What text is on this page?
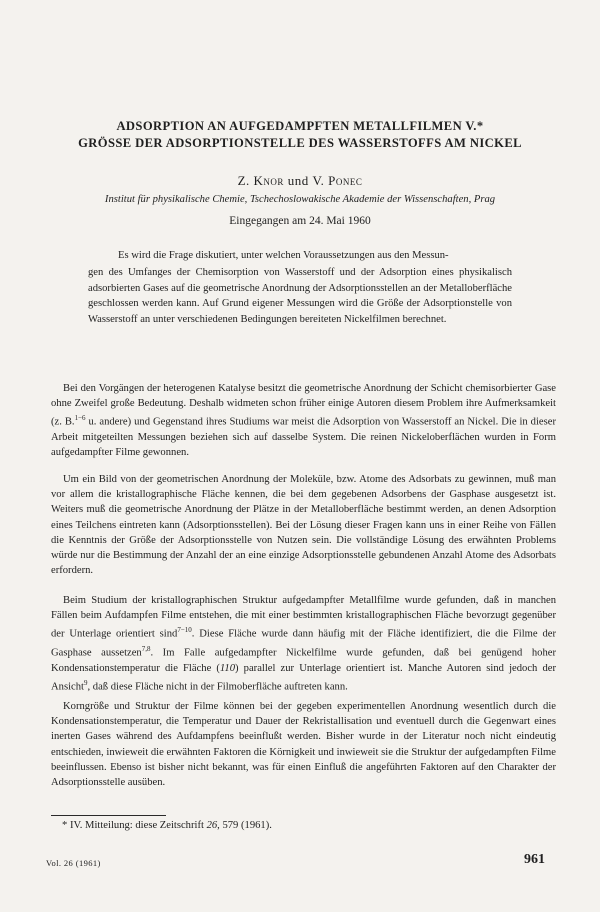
ADSORPTION AN AUFGEDAMPFTEN METALLFILMEN V.*
GRÖSSE DER ADSORPTIONSTELLE DES WASSERSTOFFS AM NICKEL
Z. Knor und V. Ponec
Institut für physikalische Chemie, Tschechoslowakische Akademie der Wissenschaften, Prag
Eingegangen am 24. Mai 1960
Es wird die Frage diskutiert, unter welchen Voraussetzungen aus den Messun-
gen des Umfanges der Chemisorption von Wasserstoff und der Adsorption eines physikalisch adsorbierten Gases auf die geometrische Anordnung der Adsorptionsstellen an der Metalloberfläche geschlossen werden kann. Auf Grund eigener Messungen wird die Größe der Adsorptionstelle von Wasserstoff an unter verschiedenen Bedingungen bereiteten Nickelfilmen berechnet.
Bei den Vorgängen der heterogenen Katalyse besitzt die geometrische Anordnung der Schicht chemisorbierter Gase ohne Zweifel große Bedeutung. Deshalb widmeten schon früher einige Autoren diesem Problem ihre Aufmerksamkeit (z. B.$^{1-6}$ u. andere) und Gegenstand ihres Studiums war meist die Adsorption von Wasserstoff an Nickel. Die in dieser Arbeit mitgeteilten Messungen beziehen sich auf dasselbe System. Die reinen Nickeloberflächen wurden in Form aufgedampfter Filme gewonnen.
Um ein Bild von der geometrischen Anordnung der Moleküle, bzw. Atome des Adsorbats zu gewinnen, muß man vor allem die kristallographische Fläche kennen, die bei dem gegebenen Adsorbens der Gasphase ausgesetzt ist. Weiters muß die geometrische Anordnung der Plätze in der Metalloberfläche bestimmt werden, an denen Adsorption eines Teilchens eintreten kann (Adsorptionsstellen). Bei der Lösung dieser Fragen kann uns in einer Reihe von Fällen die Kenntnis der Größe der Adsorptionsstelle von Nutzen sein. Die vollständige Lösung des erwähnten Problems würde nur die Bestimmung der Anzahl der an eine einzige Adsorptionsstelle gebundenen Anzahl Atome des Adsorbats erfordern.
Beim Studium der kristallographischen Struktur aufgedampfter Metallfilme wurde gefunden, daß in manchen Fällen beim Aufdampfen Filme entstehen, die mit einer bestimmten kristallographischen Fläche bevorzugt gegenüber der Unterlage orientiert sind$^{7-10}$. Diese Fläche wurde dann häufig mit der Fläche identifiziert, die die Filme der Gasphase aussetzen$^{7,8}$. Im Falle aufgedampfter Nickelfilme wurde gefunden, daß bei genügend hoher Kondensationstemperatur die Fläche (110) parallel zur Unterlage orientiert ist. Manche Autoren sind jedoch der Ansicht$^9$, daß diese Fläche nicht in der Filmoberfläche auftreten kann.
Korngröße und Struktur der Filme können bei der gegeben experimentellen Anordnung wesentlich durch die Kondensationstemperatur, die Temperatur und Dauer der Rekristallisation und eventuell durch die Gegenwart eines inerten Gases während des Aufdampfens beeinflußt werden. Bisher wurde in der Literatur noch nicht eindeutig entschieden, inwieweit die erwähnten Faktoren die Körnigkeit und inwieweit sie die Struktur der aufgedampften Filme beeinflussen. Ebenso ist bisher nicht bekannt, was für einen Einfluß die angeführten Faktoren auf den Charakter der Adsorptionsstelle ausüben.
* IV. Mitteilung: diese Zeitschrift 26, 579 (1961).
Vol. 26 (1961)	961
